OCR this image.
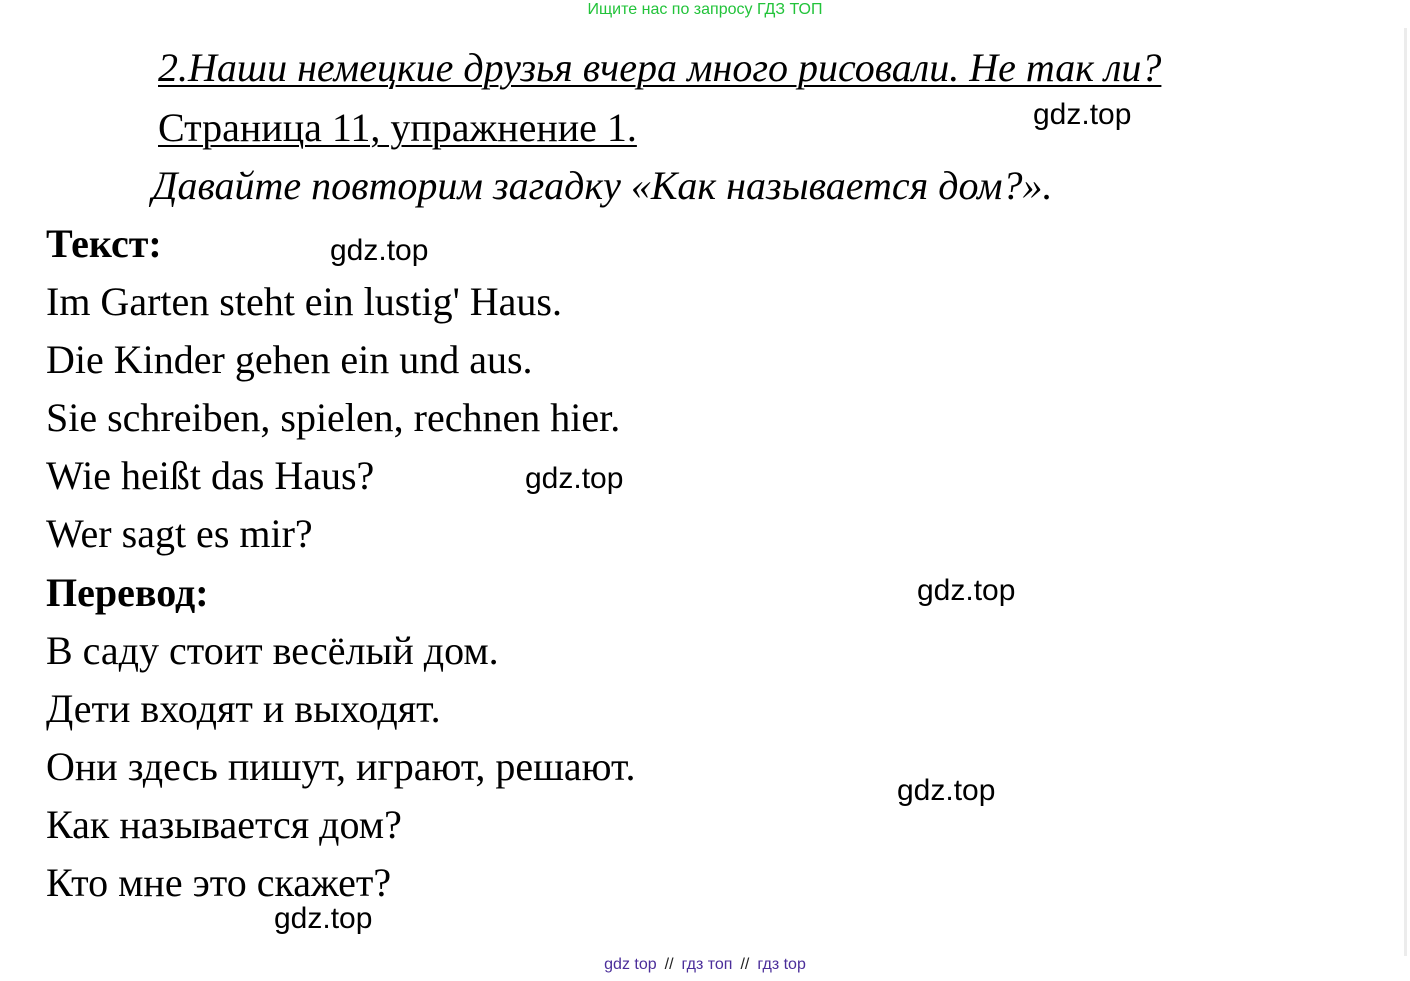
Ищите нас по запросу ГДЗ ТОП
2.Наши немецкие друзья вчера много рисовали. Не так ли?
Страница 11, упражнение 1.
Давайте повторим загадку «Как называется дом?».
Текст:
Im Garten steht ein lustig' Haus.
Die Kinder gehen ein und aus.
Sie schreiben, spielen, rechnen hier.
Wie heißt das Haus?
Wer sagt es mir?
Перевод:
В саду стоит весёлый дом.
Дети входят и выходят.
Они здесь пишут, играют, решают.
Как называется дом?
Кто мне это скажет?
gdz.top
gdz.top
gdz.top
gdz.top
gdz.top
gdz.top
gdz top // гдз топ // гдз top
